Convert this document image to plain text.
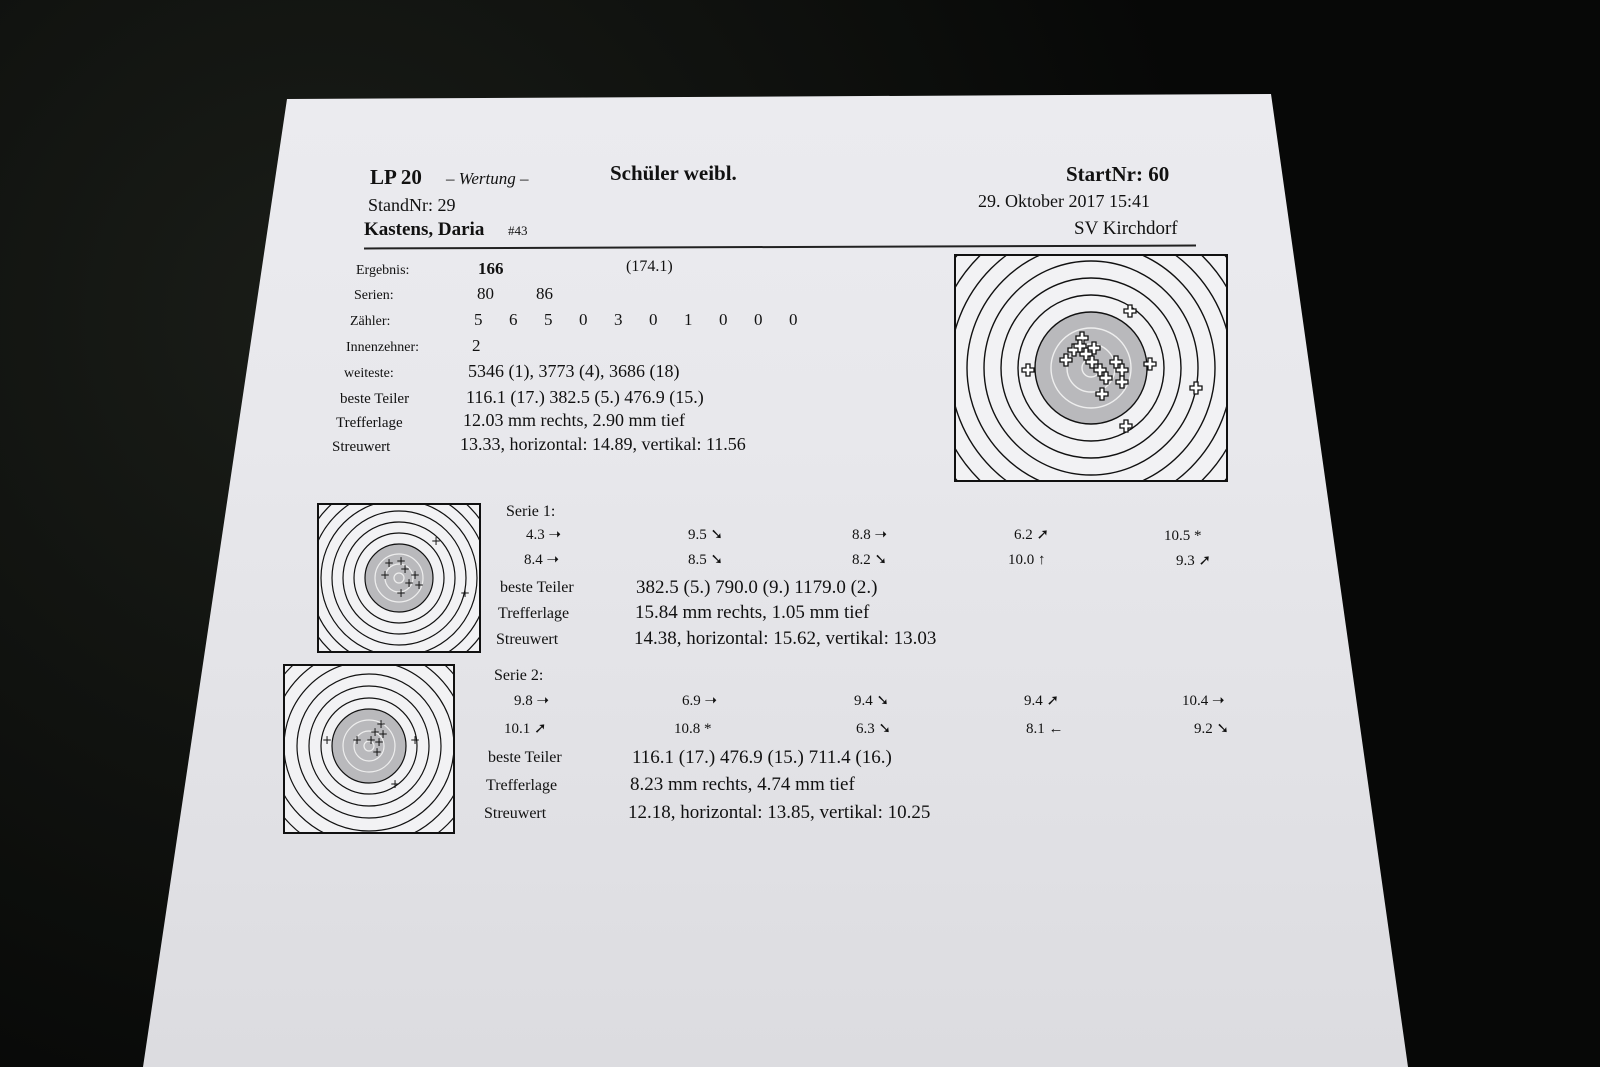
LP 20 – Wertung –	Schüler weibl.	StartNr: 60
StandNr: 29	29. Oktober 2017 15:41
Kastens, Daria #43	SV Kirchdorf
Ergebnis:	166	(174.1)
Serien:	80 86
Zähler:	5 6 5 0 3 0 1 0 0 0
Innenzehner:	2
weiteste:	5346 (1), 3773 (4), 3686 (18)
beste Teiler	116.1 (17.) 382.5 (5.) 476.9 (15.)
Trefferlage	12.03 mm rechts, 2.90 mm tief
Streuwert	13.33, horizontal: 14.89, vertikal: 11.56
+
+ +
+
+ +
+ +
+	+
+
+
+
+
+
+
+	+
+
+
Serie 1:
4.3 ➝	9.5 ➘	8.8 ➝	6.2 ➚	10.5 *
8.4 ➝	8.5 ➘	8.2 ➘	10.0 ↑	9.3 ➚
beste Teiler	382.5 (5.) 790.0 (9.) 1179.0 (2.)
Trefferlage	15.84 mm rechts, 1.05 mm tief
Streuwert	14.38, horizontal: 15.62, vertikal: 13.03
Serie 2:
9.8 ➝	6.9 ➝	9.4 ➘	9.4 ➚	10.4 ➝
10.1 ➚	10.8 *	6.3 ➘	8.1 ←	9.2 ➘
beste Teiler	116.1 (17.) 476.9 (15.) 711.4 (16.)
Trefferlage	8.23 mm rechts, 4.74 mm tief
Streuwert	12.18, horizontal: 13.85, vertikal: 10.25
